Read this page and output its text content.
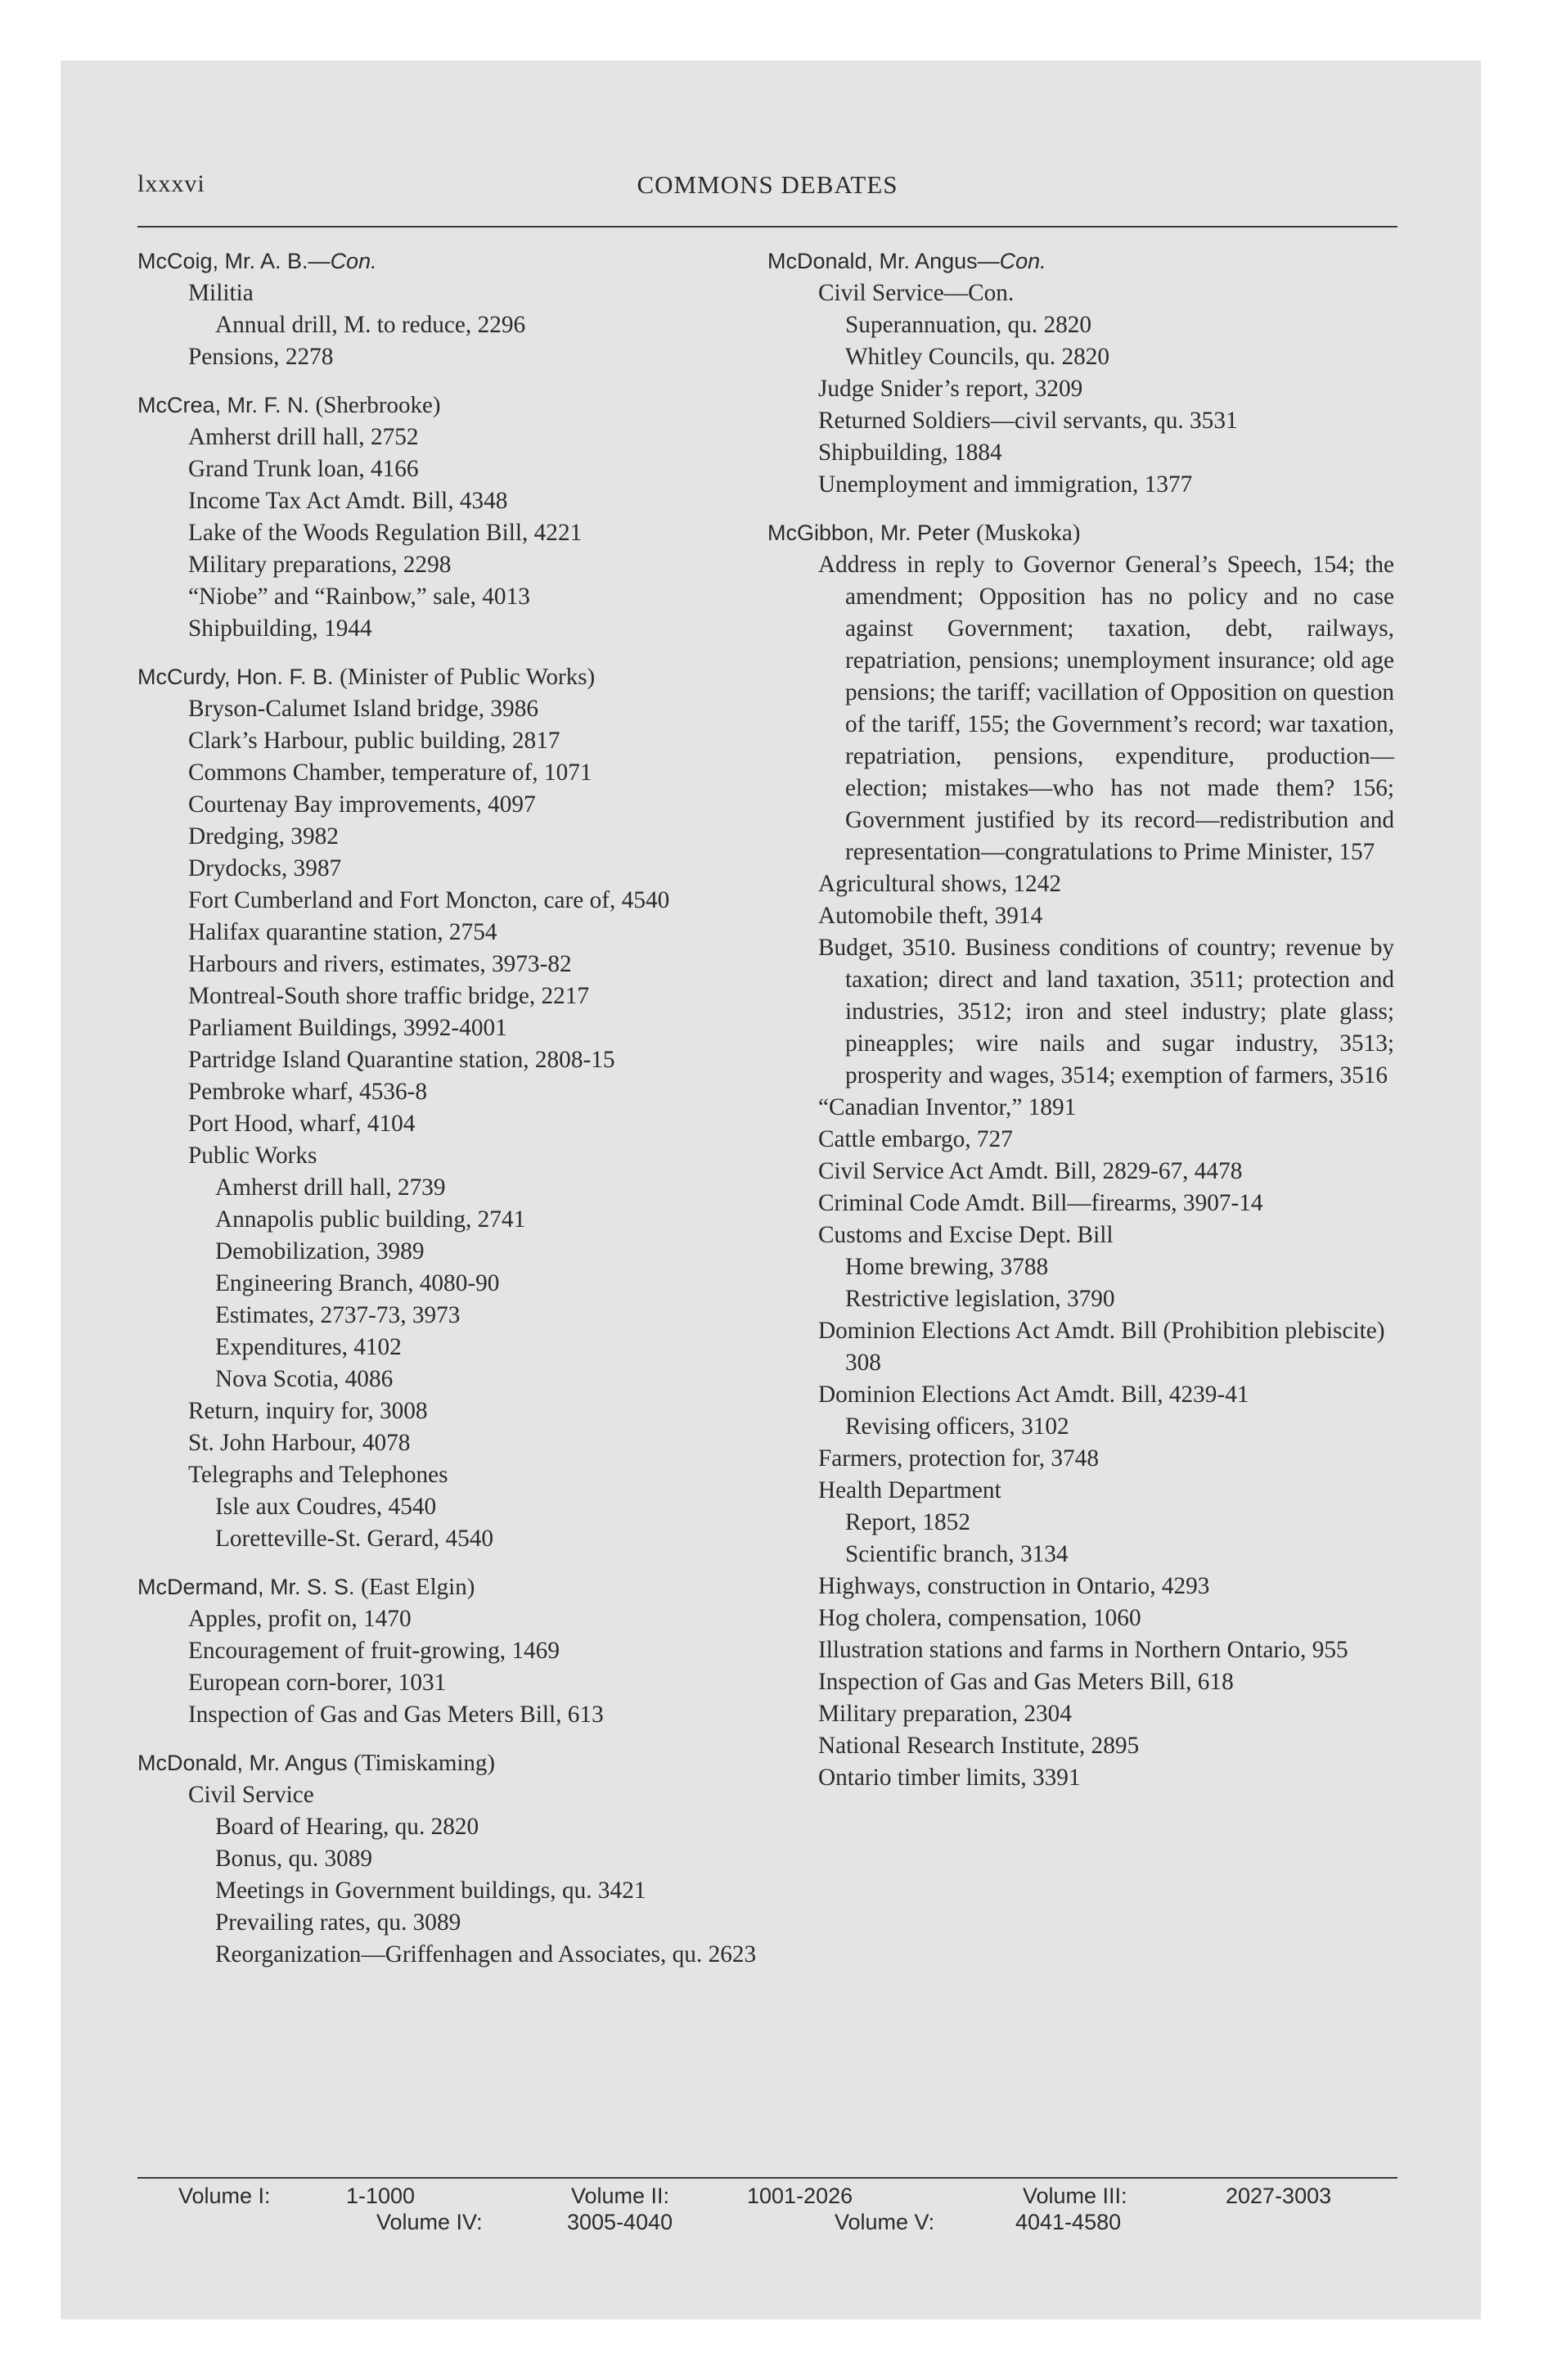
lxxxvi	COMMONS DEBATES
McCoig, Mr. A. B.—Con.
Militia
Annual drill, M. to reduce, 2296
Pensions, 2278
McCrea, Mr. F. N. (Sherbrooke)
Amherst drill hall, 2752
Grand Trunk loan, 4166
Income Tax Act Amdt. Bill, 4348
Lake of the Woods Regulation Bill, 4221
Military preparations, 2298
“Niobe” and “Rainbow,” sale, 4013
Shipbuilding, 1944
McCurdy, Hon. F. B. (Minister of Public Works)
Bryson-Calumet Island bridge, 3986
Clark’s Harbour, public building, 2817
Commons Chamber, temperature of, 1071
Courtenay Bay improvements, 4097
Dredging, 3982
Drydocks, 3987
Fort Cumberland and Fort Moncton, care of, 4540
Halifax quarantine station, 2754
Harbours and rivers, estimates, 3973-82
Montreal-South shore traffic bridge, 2217
Parliament Buildings, 3992-4001
Partridge Island Quarantine station, 2808-15
Pembroke wharf, 4536-8
Port Hood, wharf, 4104
Public Works
Amherst drill hall, 2739
Annapolis public building, 2741
Demobilization, 3989
Engineering Branch, 4080-90
Estimates, 2737-73, 3973
Expenditures, 4102
Nova Scotia, 4086
Return, inquiry for, 3008
St. John Harbour, 4078
Telegraphs and Telephones
Isle aux Coudres, 4540
Loretteville-St. Gerard, 4540
McDermand, Mr. S. S. (East Elgin)
Apples, profit on, 1470
Encouragement of fruit-growing, 1469
European corn-borer, 1031
Inspection of Gas and Gas Meters Bill, 613
McDonald, Mr. Angus (Timiskaming)
Civil Service
Board of Hearing, qu. 2820
Bonus, qu. 3089
Meetings in Government buildings, qu. 3421
Prevailing rates, qu. 3089
Reorganization—Griffenhagen and Associates, qu. 2623
McDonald, Mr. Angus—Con.
Civil Service—Con.
Superannuation, qu. 2820
Whitley Councils, qu. 2820
Judge Snider’s report, 3209
Returned Soldiers—civil servants, qu. 3531
Shipbuilding, 1884
Unemployment and immigration, 1377
McGibbon, Mr. Peter (Muskoka)
Address in reply to Governor General’s Speech, 154; the amendment; Opposition has no policy and no case against Government; taxation, debt, railways, repatriation, pensions; unemployment insurance; old age pensions; the tariff; vacillation of Opposition on question of the tariff, 155; the Government’s record; war taxation, repatriation, pensions, expenditure, production—election; mistakes—who has not made them? 156; Government justified by its record—redistribution and representation—congratulations to Prime Minister, 157
Agricultural shows, 1242
Automobile theft, 3914
Budget, 3510. Business conditions of country; revenue by taxation; direct and land taxation, 3511; protection and industries, 3512; iron and steel industry; plate glass; pineapples; wire nails and sugar industry, 3513; prosperity and wages, 3514; exemption of farmers, 3516
“Canadian Inventor,” 1891
Cattle embargo, 727
Civil Service Act Amdt. Bill, 2829-67, 4478
Criminal Code Amdt. Bill—firearms, 3907-14
Customs and Excise Dept. Bill
Home brewing, 3788
Restrictive legislation, 3790
Dominion Elections Act Amdt. Bill (Prohibition plebiscite) 308
Dominion Elections Act Amdt. Bill, 4239-41
Revising officers, 3102
Farmers, protection for, 3748
Health Department
Report, 1852
Scientific branch, 3134
Highways, construction in Ontario, 4293
Hog cholera, compensation, 1060
Illustration stations and farms in Northern Ontario, 955
Inspection of Gas and Gas Meters Bill, 618
Military preparation, 2304
National Research Institute, 2895
Ontario timber limits, 3391
Volume I:	1-1000	Volume II:	1001-2026	Volume III:	2027-3003
Volume IV:	3005-4040	Volume V:	4041-4580
